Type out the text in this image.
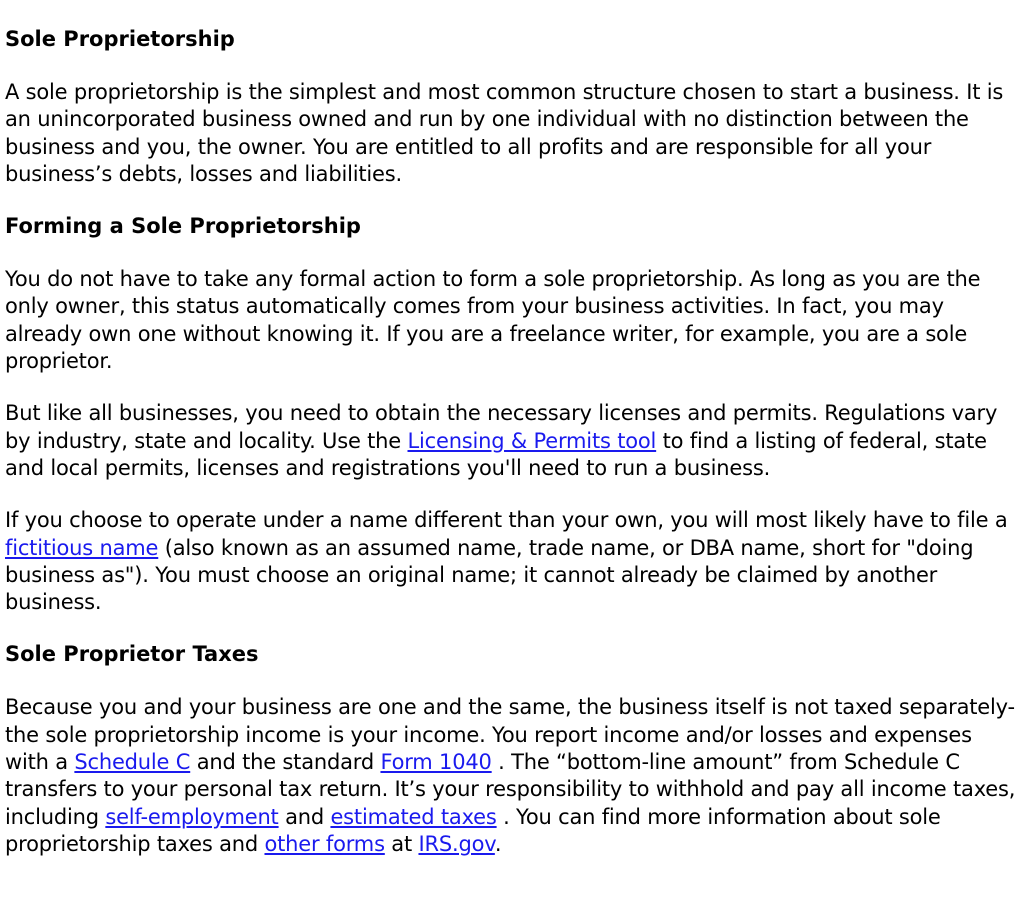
Sole Proprietorship

A sole proprietorship is the simplest and most common structure chosen to start a business. It is an unincorporated business owned and run by one individual with no distinction between the business and you, the owner. You are entitled to all profits and are responsible for all your business’s debts, losses and liabilities.

Forming a Sole Proprietorship

You do not have to take any formal action to form a sole proprietorship. As long as you are the only owner, this status automatically comes from your business activities. In fact, you may already own one without knowing it. If you are a freelance writer, for example, you are a sole proprietor.

But like all businesses, you need to obtain the necessary licenses and permits. Regulations vary by industry, state and locality. Use the Licensing & Permits tool to find a listing of federal, state and local permits, licenses and registrations you'll need to run a business.

If you choose to operate under a name different than your own, you will most likely have to file a fictitious name (also known as an assumed name, trade name, or DBA name, short for "doing business as"). You must choose an original name; it cannot already be claimed by another business.

Sole Proprietor Taxes

Because you and your business are one and the same, the business itself is not taxed separately-the sole proprietorship income is your income. You report income and/or losses and expenses with a Schedule C and the standard Form 1040 . The “bottom-line amount” from Schedule C transfers to your personal tax return. It’s your responsibility to withhold and pay all income taxes, including self-employment and estimated taxes . You can find more information about sole proprietorship taxes and other forms at IRS.gov.
